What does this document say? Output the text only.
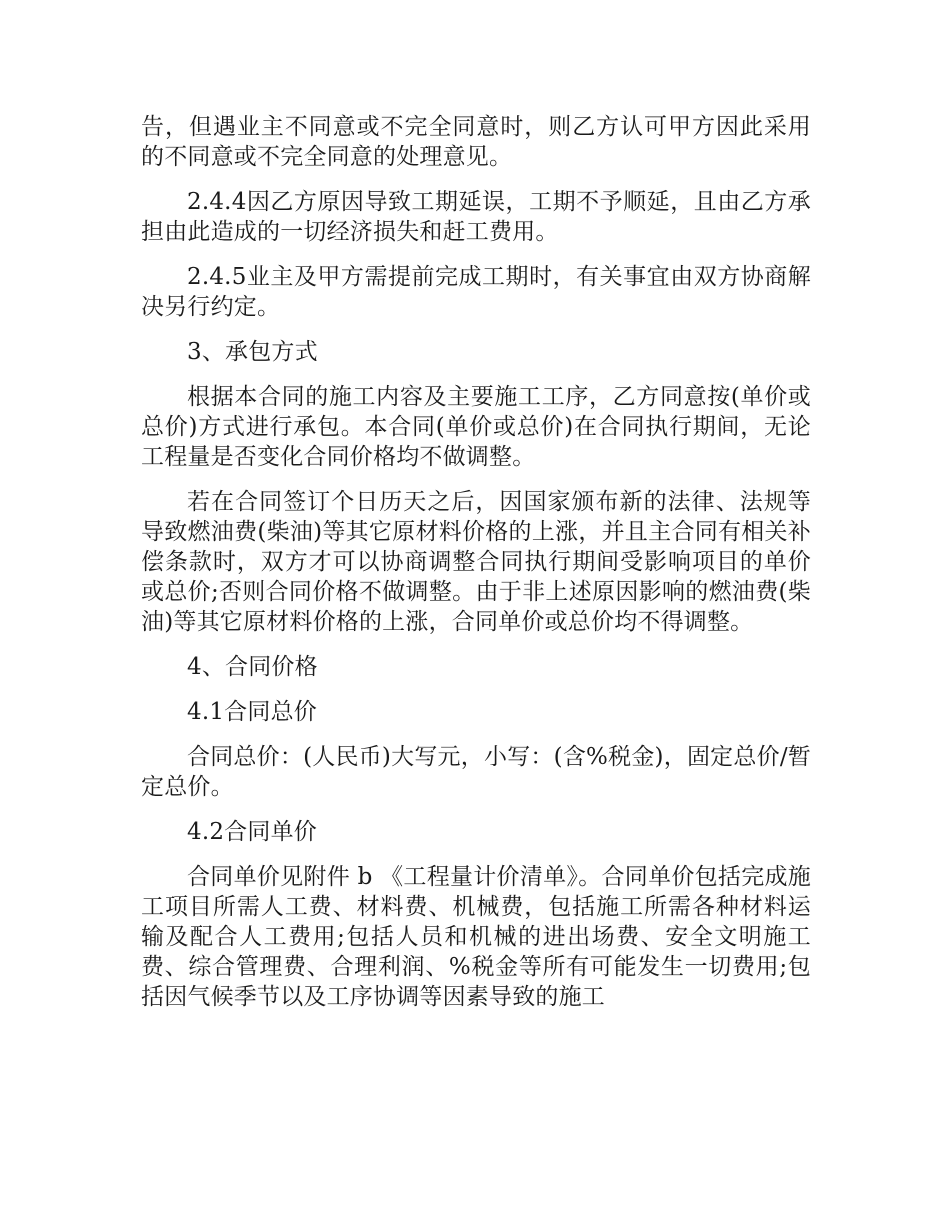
告，但遇业主不同意或不完全同意时，则乙方认可甲方因此采用的不同意或不完全同意的处理意见。

2.4.4因乙方原因导致工期延误，工期不予顺延，且由乙方承担由此造成的一切经济损失和赶工费用。

2.4.5业主及甲方需提前完成工期时，有关事宜由双方协商解决另行约定。

3、承包方式

根据本合同的施工内容及主要施工工序，乙方同意按(单价或总价)方式进行承包。本合同(单价或总价)在合同执行期间，无论工程量是否变化合同价格均不做调整。

若在合同签订个日历天之后，因国家颁布新的法律、法规等导致燃油费(柴油)等其它原材料价格的上涨，并且主合同有相关补偿条款时，双方才可以协商调整合同执行期间受影响项目的单价或总价;否则合同价格不做调整。由于非上述原因影响的燃油费(柴油)等其它原材料价格的上涨，合同单价或总价均不得调整。

4、合同价格

4.1合同总价

合同总价：(人民币)大写元，小写：(含%税金)，固定总价/暂定总价。

4.2合同单价

合同单价见附件 b 《工程量计价清单》。合同单价包括完成施工项目所需人工费、材料费、机械费，包括施工所需各种材料运输及配合人工费用;包括人员和机械的进出场费、安全文明施工费、综合管理费、合理利润、%税金等所有可能发生一切费用;包括因气候季节以及工序协调等因素导致的施工
